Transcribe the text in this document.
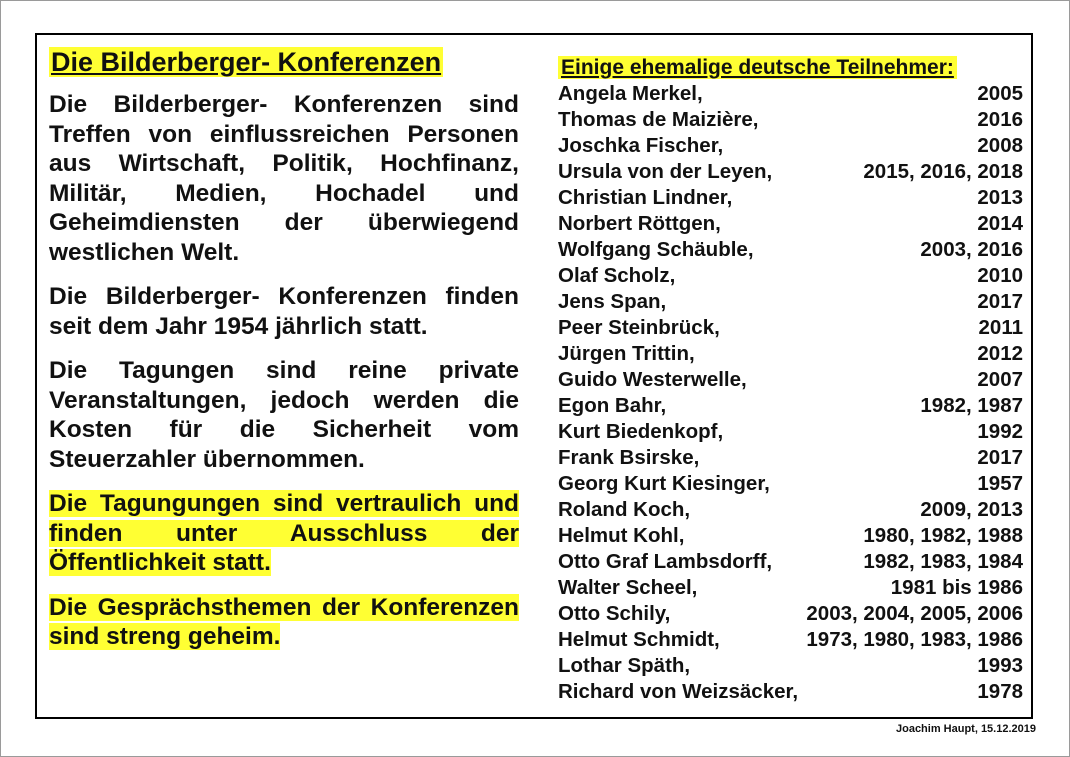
Die Bilderberger- Konferenzen

Die Bilderberger- Konferenzen sind Treffen von einflussreichen Personen aus Wirtschaft, Politik, Hochfinanz, Militär, Medien, Hochadel und Geheimdiensten der überwiegend westlichen Welt.

Die Bilderberger- Konferenzen finden seit dem Jahr 1954 jährlich statt.

Die Tagungen sind reine private Veranstaltungen, jedoch werden die Kosten für die Sicherheit vom Steuerzahler übernommen.

Die Tagungungen sind vertraulich und finden unter Ausschluss der Öffentlichkeit statt.

Die Gesprächsthemen der Konferenzen sind streng geheim.

Einige ehemalige deutsche Teilnehmer:
Angela Merkel,	2005
Thomas de Maizière,	2016
Joschka Fischer,	2008
Ursula von der Leyen,	2015, 2016, 2018
Christian Lindner,	2013
Norbert Röttgen,	2014
Wolfgang Schäuble,	2003, 2016
Olaf Scholz,	2010
Jens Span,	2017
Peer Steinbrück,	2011
Jürgen Trittin,	2012
Guido Westerwelle,	2007
Egon Bahr,	1982, 1987
Kurt Biedenkopf,	1992
Frank Bsirske,	2017
Georg Kurt Kiesinger,	1957
Roland Koch,	2009, 2013
Helmut Kohl,	1980, 1982, 1988
Otto Graf Lambsdorff,	1982, 1983, 1984
Walter Scheel,	1981 bis 1986
Otto Schily,	2003, 2004, 2005, 2006
Helmut Schmidt,	1973, 1980, 1983, 1986
Lothar Späth,	1993
Richard von Weizsäcker,	1978
Joachim Haupt, 15.12.2019
